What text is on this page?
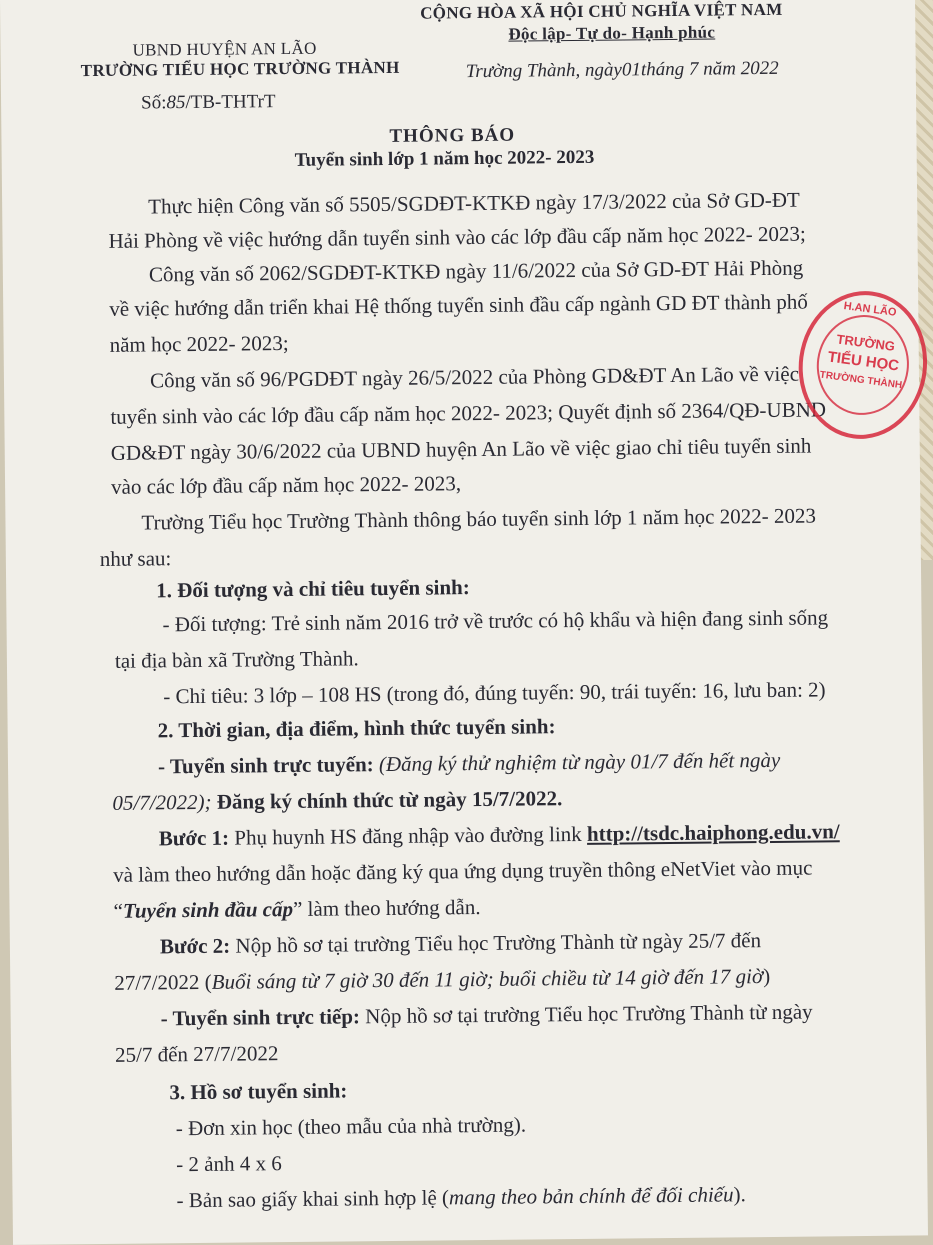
UBND HUYỆN AN LÃO
TRƯỜNG TIỂU HỌC TRƯỜNG THÀNH
Số:85/TB-THTrT
CỘNG HÒA XÃ HỘI CHỦ NGHĨA VIỆT NAM
Độc lập- Tự do- Hạnh phúc
Trường Thành, ngày01tháng 7 năm 2022
THÔNG BÁO
Tuyển sinh lớp 1 năm học 2022- 2023
Thực hiện Công văn số 5505/SGDĐT-KTKĐ ngày 17/3/2022 của Sở GD-ĐT
Hải Phòng về việc hướng dẫn tuyển sinh vào các lớp đầu cấp năm học 2022- 2023;
Công văn số 2062/SGDĐT-KTKĐ ngày 11/6/2022 của Sở GD-ĐT Hải Phòng
về việc hướng dẫn triển khai Hệ thống tuyển sinh đầu cấp ngành GD ĐT thành phố
năm học 2022- 2023;
Công văn số 96/PGDĐT ngày 26/5/2022 của Phòng GD&ĐT An Lão về việc
tuyển sinh vào các lớp đầu cấp năm học 2022- 2023; Quyết định số 2364/QĐ-UBND
GD&ĐT ngày 30/6/2022 của UBND huyện An Lão về việc giao chỉ tiêu tuyển sinh
vào các lớp đầu cấp năm học 2022- 2023,
Trường Tiểu học Trường Thành thông báo tuyển sinh lớp 1 năm học 2022- 2023
như sau:
1. Đối tượng và chỉ tiêu tuyển sinh:
- Đối tượng: Trẻ sinh năm 2016 trở về trước có hộ khẩu và hiện đang sinh sống
tại địa bàn xã Trường Thành.
- Chỉ tiêu: 3 lớp – 108 HS (trong đó, đúng tuyến: 90, trái tuyến: 16, lưu ban: 2)
2. Thời gian, địa điểm, hình thức tuyển sinh:
- Tuyển sinh trực tuyến: (Đăng ký thử nghiệm từ ngày 01/7 đến hết ngày
05/7/2022); Đăng ký chính thức từ ngày 15/7/2022.
Bước 1: Phụ huynh HS đăng nhập vào đường link http://tsdc.haiphong.edu.vn/
và làm theo hướng dẫn hoặc đăng ký qua ứng dụng truyền thông eNetViet vào mục
“Tuyển sinh đầu cấp” làm theo hướng dẫn.
Bước 2: Nộp hồ sơ tại trường Tiểu học Trường Thành từ ngày 25/7 đến
27/7/2022 (Buổi sáng từ 7 giờ 30 đến 11 giờ; buổi chiều từ 14 giờ đến 17 giờ)
- Tuyển sinh trực tiếp: Nộp hồ sơ tại trường Tiểu học Trường Thành từ ngày
25/7 đến 27/7/2022
3. Hồ sơ tuyển sinh:
- Đơn xin học (theo mẫu của nhà trường).
- 2 ảnh 4 x 6
- Bản sao giấy khai sinh hợp lệ (mang theo bản chính để đối chiếu).
H.AN LÃO
TRƯỜNG
TIỂU HỌC
TRƯỜNG THÀNH
